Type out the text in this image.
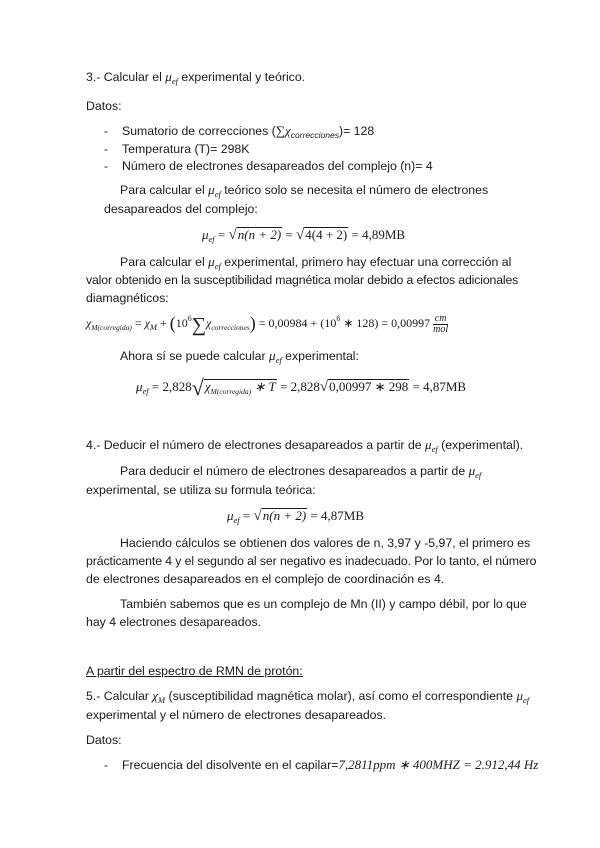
3.- Calcular el $\mu_{ef}$ experimental y teórico.
Datos:
- Sumatorio de correcciones $(\sum\chi_{correcciones})= 128$
- Temperatura (T)= 298K
- Número de electrones desapareados del complejo (n)= 4
Para calcular el $\mu_{ef}$ teórico solo se necesita el número de electrones
desapareados del complejo:
$\mu_{ef} = √n(n + 2) = √4(4 + 2) = 4,89MB$
Para calcular el $\mu_{ef}$ experimental, primero hay efectuar una corrección al
valor obtenido en la susceptibilidad magnética molar debido a efectos adicionales
diamagnéticos:
$\chi_{M(corregida)} = \chi_M + (10^6\sum\chi_{correcciones}) = 0,00984 + (10^6$ ∗ $128) = 0,00997 \frac{cm}{\text{mol}}$
Ahora sí se puede calcular $\mu_{ef}$ experimental:
$\mu_{ef} = 2,828√\chi_{M(corregida)}$ ∗ T = 2,828√0,00997 ∗ 298 = 4,87MB
4.- Deducir el número de electrones desapareados a partir de $\mu_{ef}$ (experimental).
Para deducir el número de electrones desapareados a partir de $\mu_{ef}$
experimental, se utiliza su formula teórica:
$\mu_{ef} = √n(n + 2) = 4,87MB$
Haciendo cálculos se obtienen dos valores de n, 3,97 y -5,97, el primero es
prácticamente 4 y el segundo al ser negativo es inadecuado. Por lo tanto, el número
de electrones desapareados en el complejo de coordinación es 4.
También sabemos que es un complejo de Mn (II) y campo débil, por lo que
hay 4 electrones desapareados.
A partir del espectro de RMN de protón:
5.- Calcular $\chi_M$ (susceptibilidad magnética molar), así como el correspondiente $\mu_{ef}$
experimental y el número de electrones desapareados.
Datos:
- Frecuencia del disolvente en el capilar=7,2811ppm ∗ 400MHZ = 2.912,44 Hz
